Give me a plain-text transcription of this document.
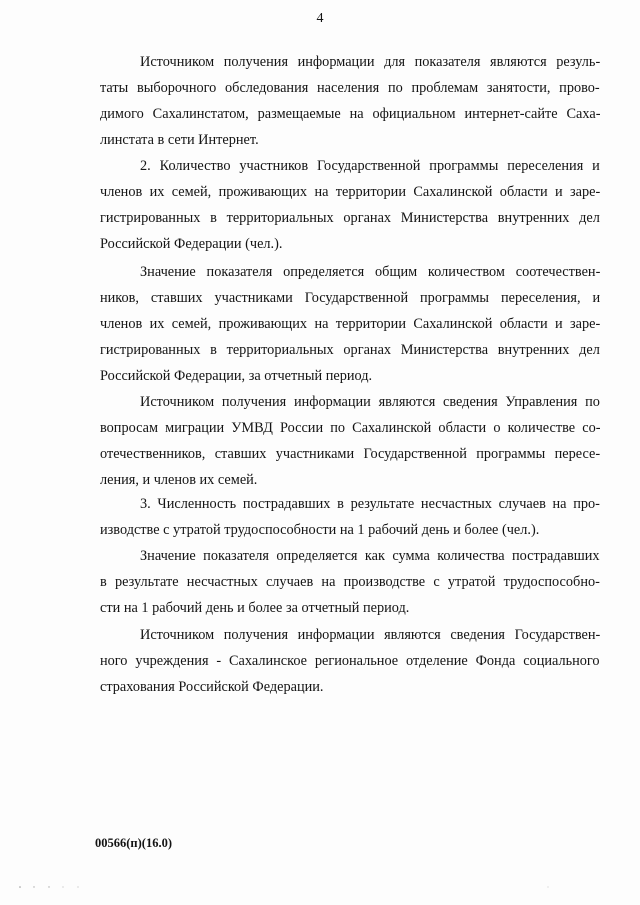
4
Источником получения информации для показателя являются резуль-
таты выборочного обследования населения по проблемам занятости, прово-
димого Сахалинстатом, размещаемые на официальном интернет-сайте Саха-
линстата в сети Интернет.
2. Количество участников Государственной программы переселения и
членов их семей, проживающих на территории Сахалинской области и заре-
гистрированных в территориальных органах Министерства внутренних дел
Российской Федерации (чел.).
Значение показателя определяется общим количеством соотечествен-
ников, ставших участниками Государственной программы переселения, и
членов их семей, проживающих на территории Сахалинской области и заре-
гистрированных в территориальных органах Министерства внутренних дел
Российской Федерации, за отчетный период.
Источником получения информации являются сведения Управления по
вопросам миграции УМВД России по Сахалинской области о количестве со-
отечественников, ставших участниками Государственной программы пересе-
ления, и членов их семей.
3. Численность пострадавших в результате несчастных случаев на про-
изводстве с утратой трудоспособности на 1 рабочий день и более (чел.).
Значение показателя определяется как сумма количества пострадавших
в результате несчастных случаев на производстве с утратой трудоспособно-
сти на 1 рабочий день и более за отчетный период.
Источником получения информации являются сведения Государствен-
ного учреждения - Сахалинское региональное отделение Фонда социального
страхования Российской Федерации.
00566(п)(16.0)
